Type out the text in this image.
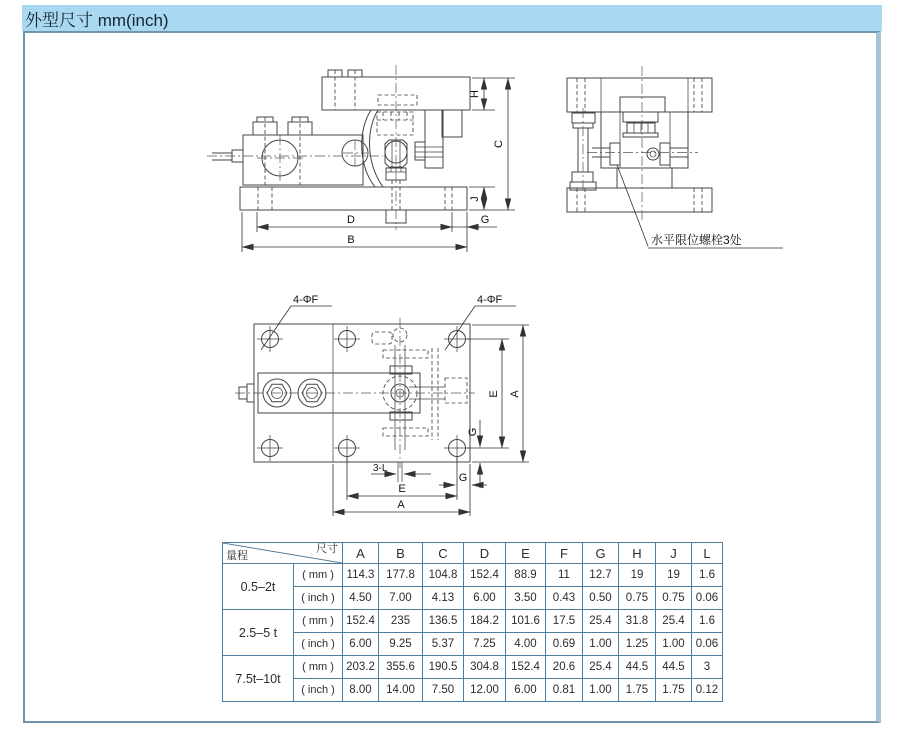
外型尺寸 mm(inch)
H
C
J
D	G
B	水平限位螺栓3处
4-ΦF	4-ΦF
E A
G
3-L
G
E
A
尺寸
量程		A	B	C	D	E	F	G	H	J	L
0.5–2t	( mm )	114.3	177.8	104.8	152.4	88.9	11	12.7	19	19	1.6
	( inch )	4.50	7.00	4.13	6.00	3.50	0.43	0.50	0.75	0.75	0.06
2.5–5 t	( mm )	152.4	235	136.5	184.2	101.6	17.5	25.4	31.8	25.4	1.6
	( inch )	6.00	9.25	5.37	7.25	4.00	0.69	1.00	1.25	1.00	0.06
7.5t–10t	( mm )	203.2	355.6	190.5	304.8	152.4	20.6	25.4	44.5	44.5	3
	( inch )	8.00	14.00	7.50	12.00	6.00	0.81	1.00	1.75	1.75	0.12
